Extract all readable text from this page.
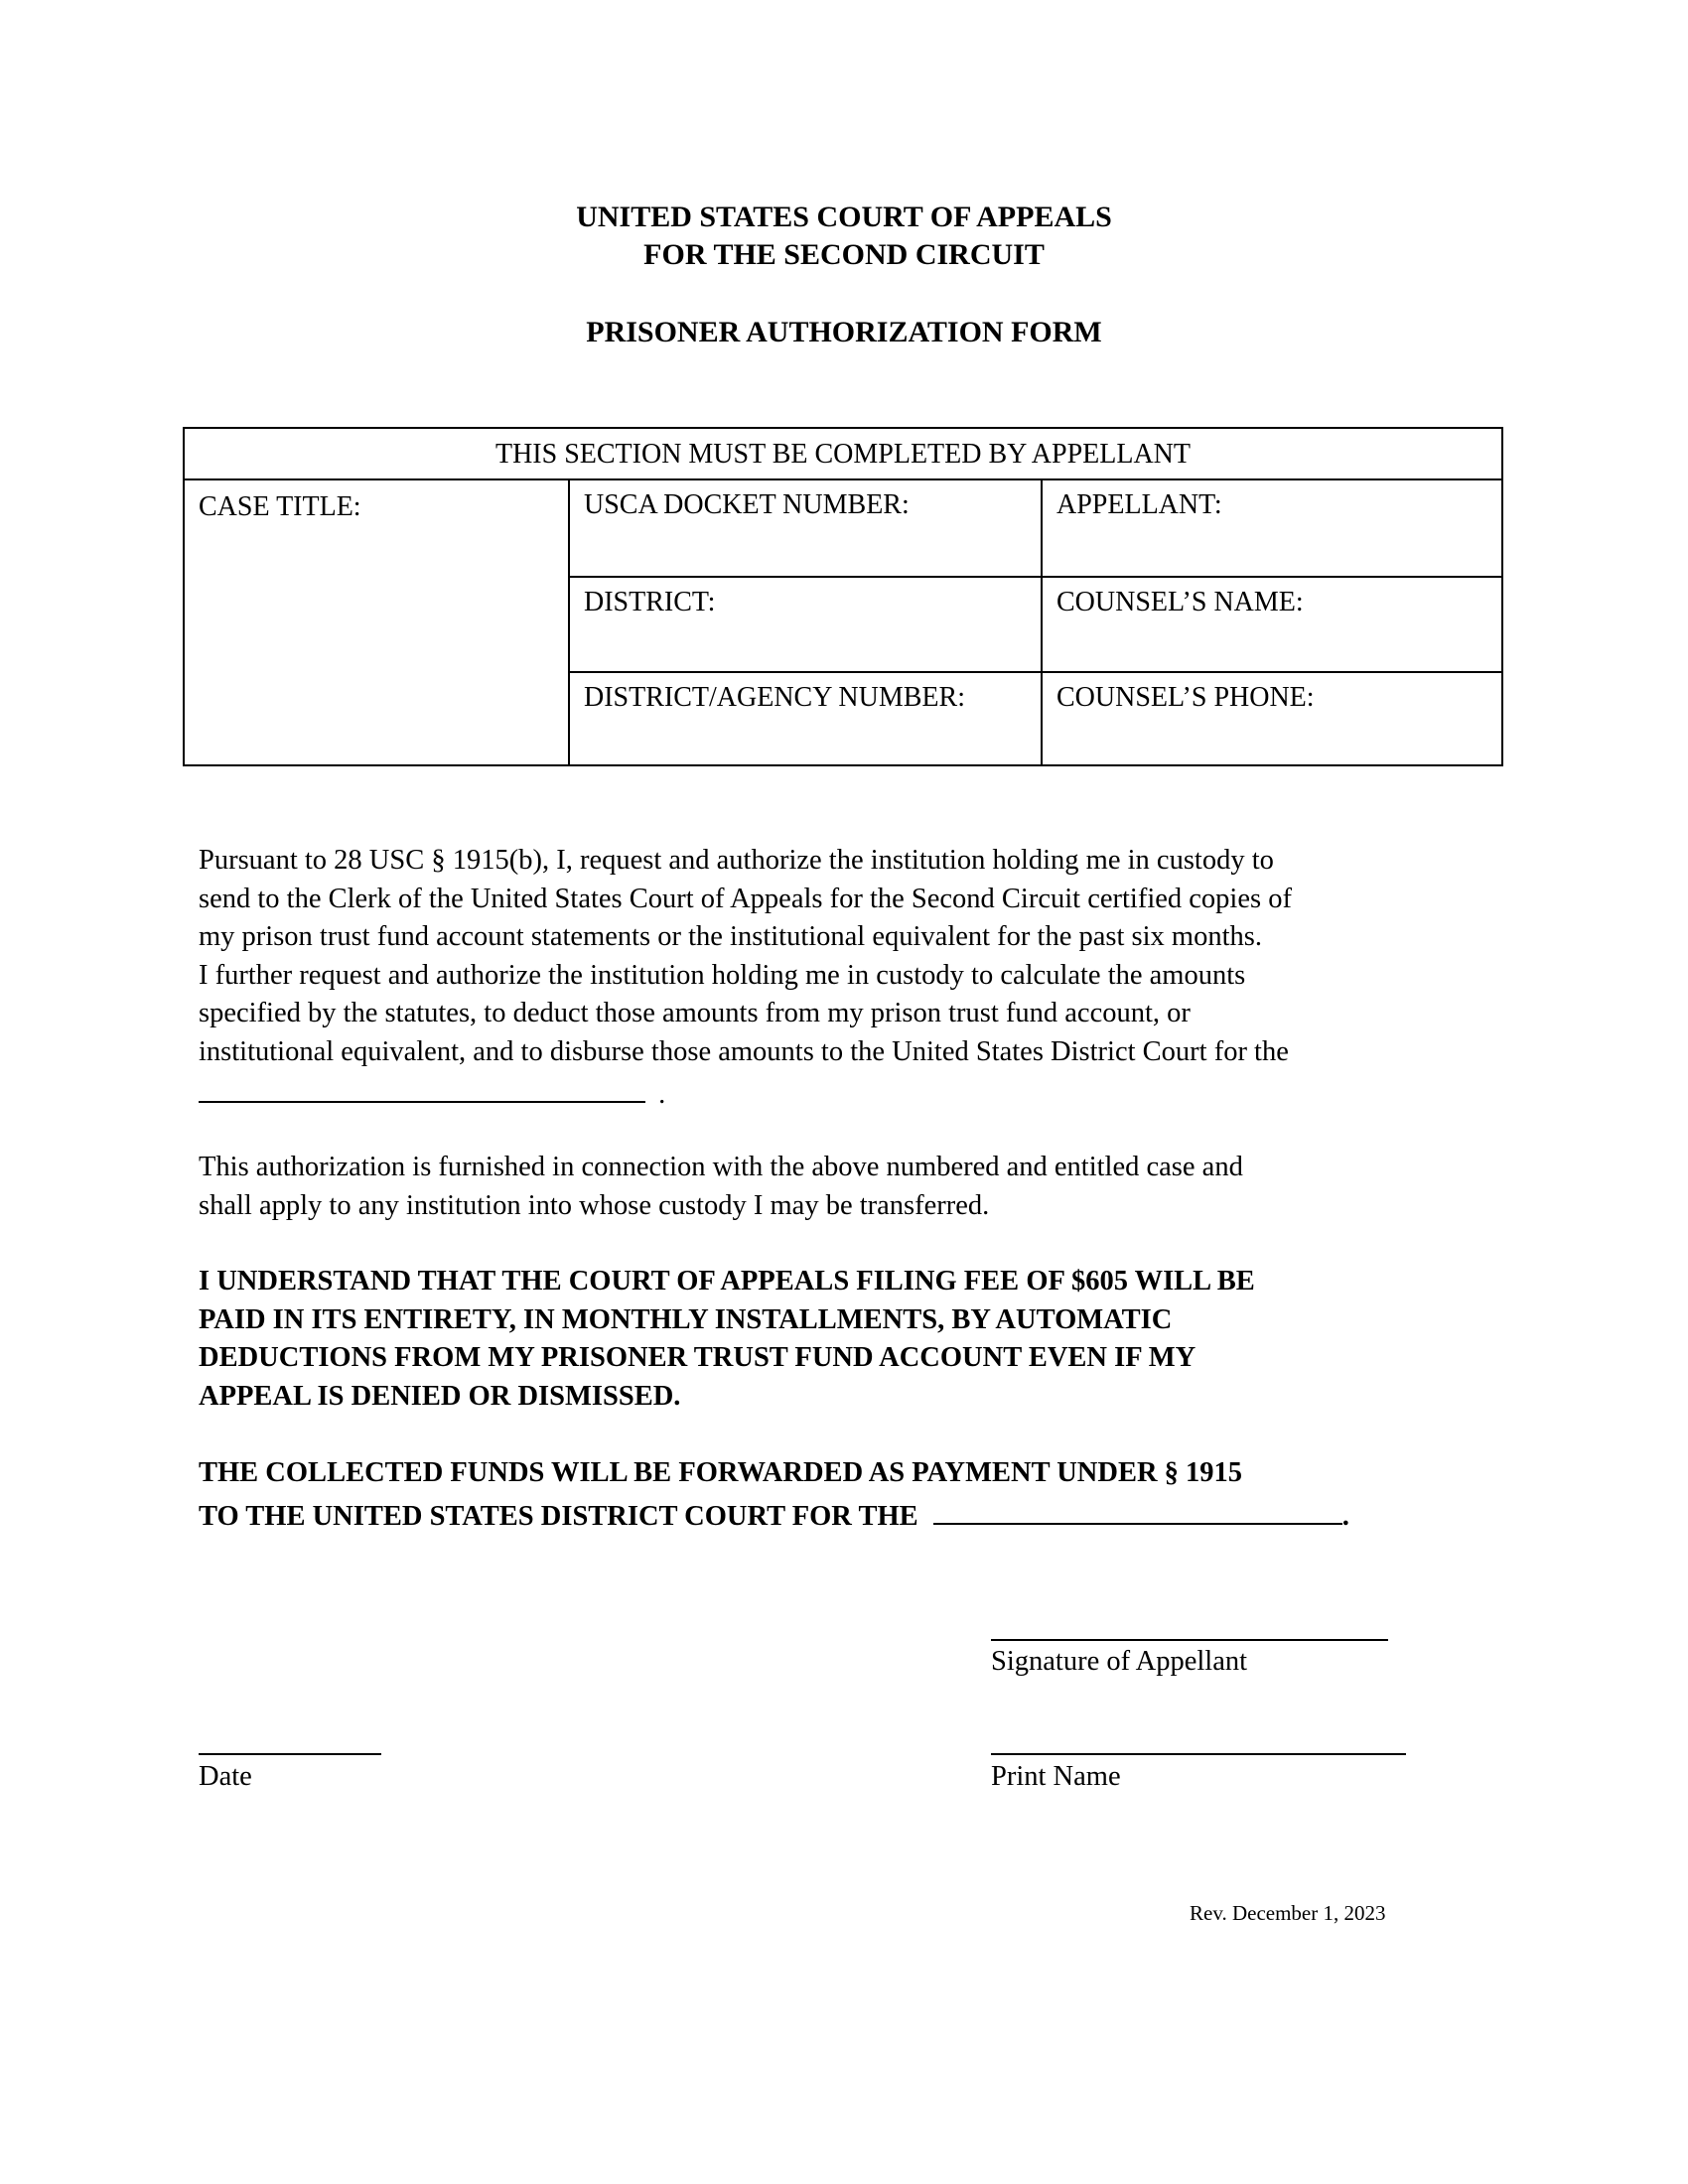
UNITED STATES COURT OF APPEALS
FOR THE SECOND CIRCUIT
PRISONER AUTHORIZATION FORM
THIS SECTION MUST BE COMPLETED BY APPELLANT
CASE TITLE:	USCA DOCKET NUMBER:	APPELLANT:
DISTRICT:	COUNSEL’S NAME:
DISTRICT/AGENCY NUMBER:	COUNSEL’S PHONE:
Pursuant to 28 USC § 1915(b), I, request and authorize the institution holding me in custody to
send to the Clerk of the United States Court of Appeals for the Second Circuit certified copies of
my prison trust fund account statements or the institutional equivalent for the past six months.
I further request and authorize the institution holding me in custody to calculate the amounts
specified by the statutes, to deduct those amounts from my prison trust fund account, or
institutional equivalent, and to disburse those amounts to the United States District Court for the
.
This authorization is furnished in connection with the above numbered and entitled case and
shall apply to any institution into whose custody I may be transferred.
I UNDERSTAND THAT THE COURT OF APPEALS FILING FEE OF $605 WILL BE
PAID IN ITS ENTIRETY, IN MONTHLY INSTALLMENTS, BY AUTOMATIC
DEDUCTIONS FROM MY PRISONER TRUST FUND ACCOUNT EVEN IF MY
APPEAL IS DENIED OR DISMISSED.
THE COLLECTED FUNDS WILL BE FORWARDED AS PAYMENT UNDER § 1915
TO THE UNITED STATES DISTRICT COURT FOR THE	.
Signature of Appellant
Date	Print Name
Rev. December 1, 2023
